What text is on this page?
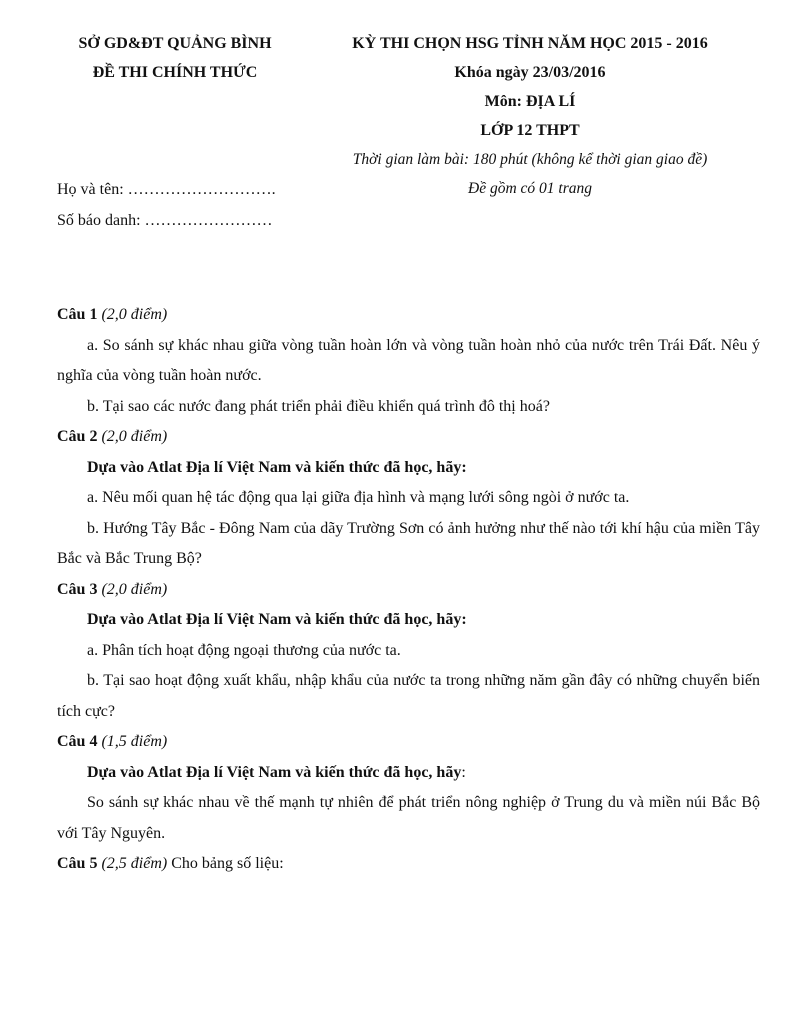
SỞ GD&ĐT QUẢNG BÌNH
ĐỀ THI CHÍNH THỨC
KỲ THI CHỌN HSG TỈNH NĂM HỌC 2015 - 2016
Khóa ngày 23/03/2016
Môn: ĐỊA LÍ
LỚP 12 THPT
Thời gian làm bài: 180 phút (không kể thời gian giao đề)
Đề gồm có 01 trang
Họ và tên: ……………………….
Số báo danh: ……………………
Câu 1 (2,0 điểm)
a. So sánh sự khác nhau giữa vòng tuần hoàn lớn và vòng tuần hoàn nhỏ của nước trên Trái Đất. Nêu ý nghĩa của vòng tuần hoàn nước.
b. Tại sao các nước đang phát triển phải điều khiển quá trình đô thị hoá?
Câu 2 (2,0 điểm)
Dựa vào Atlat Địa lí Việt Nam và kiến thức đã học, hãy:
a. Nêu mối quan hệ tác động qua lại giữa địa hình và mạng lưới sông ngòi ở nước ta.
b. Hướng Tây Bắc - Đông Nam của dãy Trường Sơn có ảnh hưởng như thế nào tới khí hậu của miền Tây Bắc và Bắc Trung Bộ?
Câu 3 (2,0 điểm)
Dựa vào Atlat Địa lí Việt Nam và kiến thức đã học, hãy:
a. Phân tích hoạt động ngoại thương của nước ta.
b. Tại sao hoạt động xuất khẩu, nhập khẩu của nước ta trong những năm gần đây có những chuyển biến tích cực?
Câu 4 (1,5 điểm)
Dựa vào Atlat Địa lí Việt Nam và kiến thức đã học, hãy:
So sánh sự khác nhau về thế mạnh tự nhiên để phát triển nông nghiệp ở Trung du và miền núi Bắc Bộ với Tây Nguyên.
Câu 5 (2,5 điểm) Cho bảng số liệu:
